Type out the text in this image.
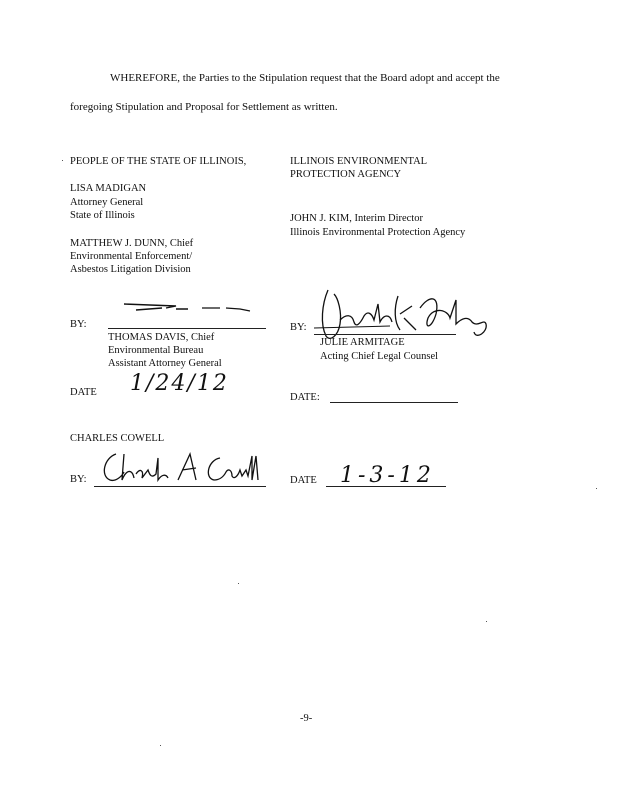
WHEREFORE, the Parties to the Stipulation request that the Board adopt and accept the
foregoing Stipulation and Proposal for Settlement as written.
PEOPLE OF THE STATE OF ILLINOIS,
LISA MADIGAN
Attorney General
State of Illinois
MATTHEW J. DUNN, Chief
Environmental Enforcement/
Asbestos Litigation Division
BY:
THOMAS DAVIS, Chief
Environmental Bureau
Assistant Attorney General
DATE 1/24/12
ILLINOIS ENVIRONMENTAL
PROTECTION AGENCY
JOHN J. KIM, Interim Director
Illinois Environmental Protection Agency
BY:
JULIE ARMITAGE
Acting Chief Legal Counsel
DATE:
CHARLES COWELL
BY:	DATE 1-3-12
-9-
